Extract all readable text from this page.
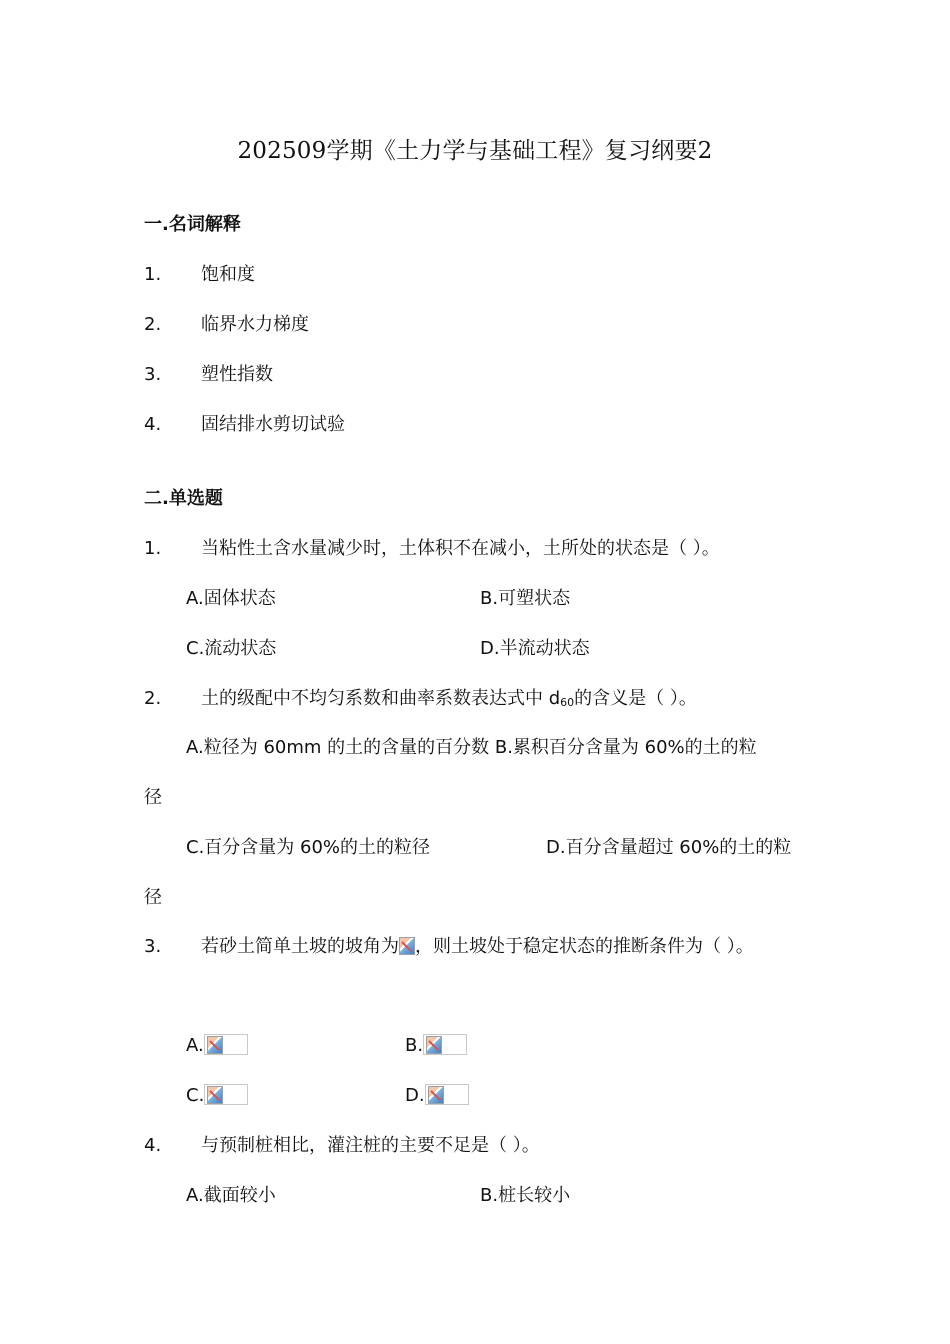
202509学期《土力学与基础工程》复习纲要2
一.名词解释
1. 饱和度
2. 临界水力梯度
3. 塑性指数
4. 固结排水剪切试验
二.单选题
1. 当粘性土含水量减少时，土体积不在减小，土所处的状态是（ ）。
A.固体状态	B.可塑状态
C.流动状态	D.半流动状态
2. 土的级配中不均匀系数和曲率系数表达式中 $d_{60}$的含义是（ ）。
A.粒径为 60mm 的土的含量的百分数 B.累积百分含量为 60%的土的粒
径
C.百分含量为 60%的土的粒径	D.百分含量超过 60%的土的粒
径
3. 若砂土简单土坡的坡角为 ，则土坡处于稳定状态的推断条件为（ ）。
A.	B.
C.	D.
4. 与预制桩相比，灌注桩的主要不足是（ ）。
A.截面较小	B.桩长较小
